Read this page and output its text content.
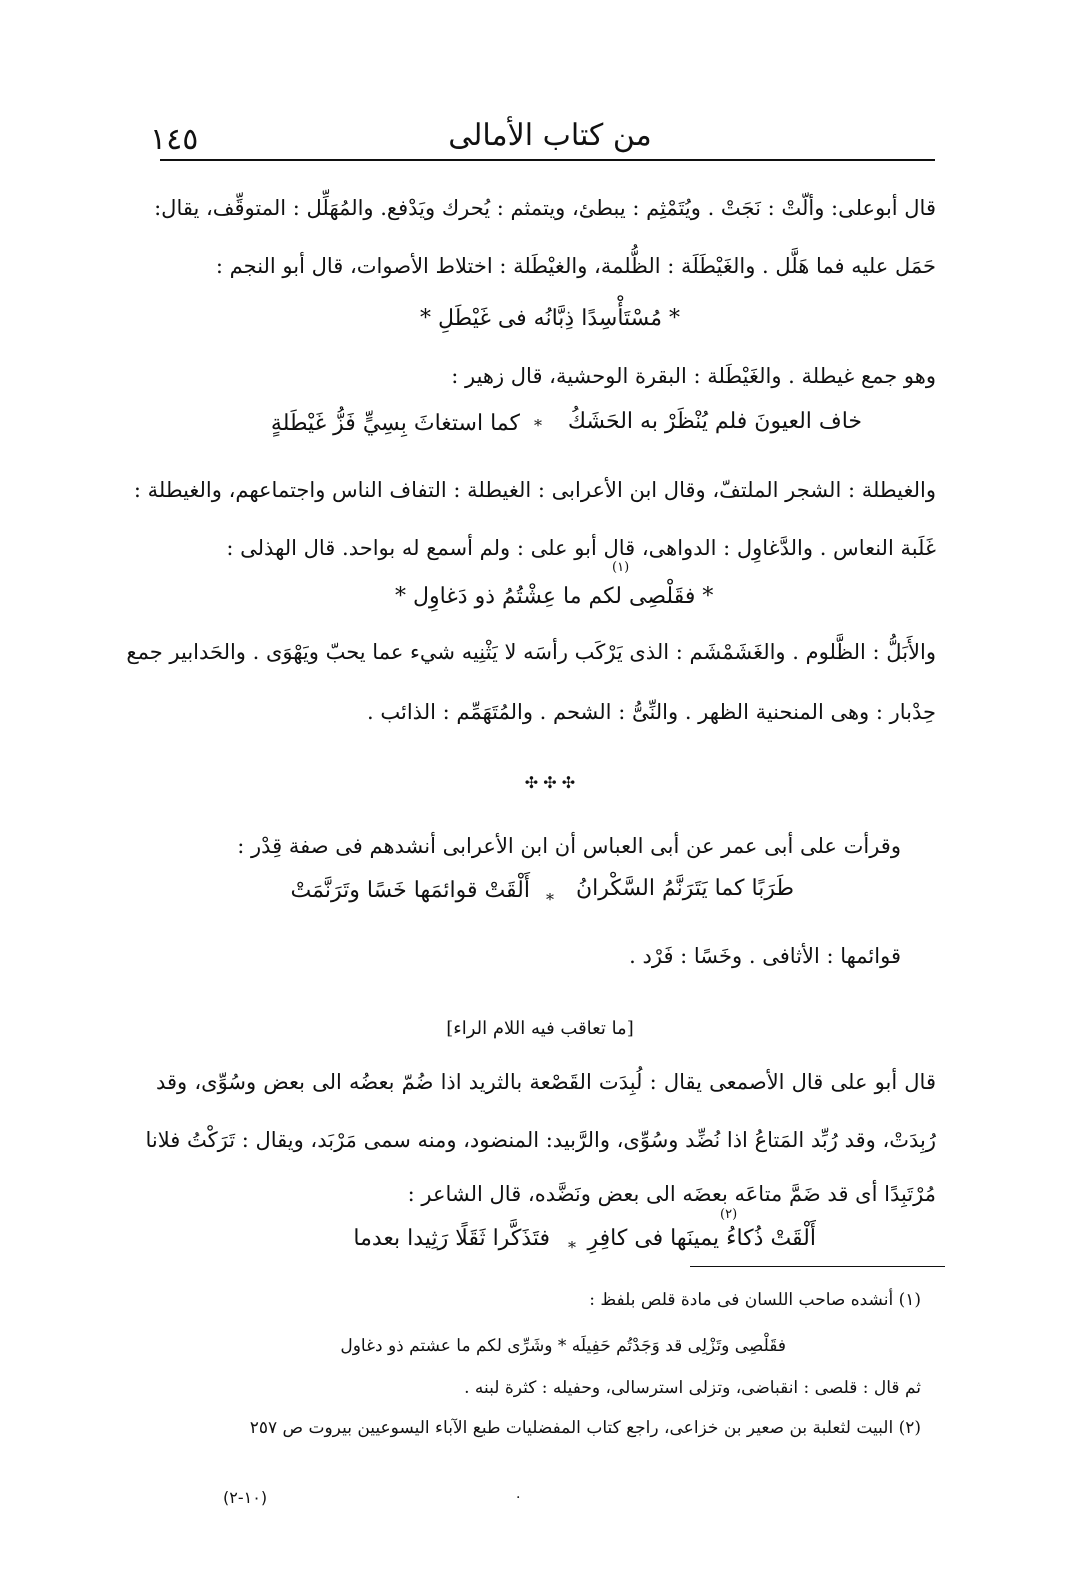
١٤٥	من كتاب الأمالى
قال أبوعلى: وألّتْ : نَجَتْ . ويُتَمْثِم : يبطئ، ويتمثم : يُحرك ويَدْفع. والمُهَلِّل : المتوقِّف، يقال:
حَمَل عليه فما هَلَّل . والغَيْطَلَة : الظُّلمة، والغيْطَلة : اختلاط الأصوات، قال أبو النجم :
* مُسْتَأْسِدًا ذِبَّانُه فى غَيْطَلِ *
وهو جمع غيطلة . والغَيْطَلة : البقرة الوحشية، قال زهير :
كما استغاثَ بِسِيٍّ فَزُّ غَيْطَلةٍ * خاف العيونَ فلم يُنْظَرْ به الحَشَكُ
والغيطلة : الشجر الملتفّ، وقال ابن الأعرابى : الغيطلة : التفاف الناس واجتماعهم، والغيطلة :
غَلَبة النعاس . والدَّغاوِل : الدواهى، قال أبو على : ولم أسمع له بواحد. قال الهذلى :
(١)
* فقَلْصِى لكم ما عِشْتُمُ ذو دَغاوِل *
والأَبَلُّ : الظَّلوم . والغَشَمْشَم : الذى يَرْكَب رأسَه لا يَثْنِيه شيء عما يحبّ ويَهْوَى . والحَدابير جمع
حِدْبار : وهى المنحنية الظهر . والنِّىُّ : الشحم . والمُتَهَمِّم : الذائب .
✣ ✣ ✣
وقرأت على أبى عمر عن أبى العباس أن ابن الأعرابى أنشدهم فى صفة قِدْر :
أَلْقَتْ قوائمَها خَسًا وتَرَنَّمَتْ * طَرَبًا كما يَتَرَنَّمُ السَّكْرانُ
قوائمها : الأثافى . وخَسًا : فَرْد .
[ما تعاقب فيه اللام الراء]
قال أبو على قال الأصمعى يقال : لُبِدَت القَصْعة بالثريد اذا ضُمّ بعضُه الى بعض وسُوِّى، وقد
رُبِدَتْ، وقد رُبِّد المَتاعُ اذا نُضِّد وسُوِّى، والرَّبيد: المنضود، ومنه سمى مَرْبَد، ويقال : تَرَكْتُ فلانا
مُرْتَبِدًا أى قد ضَمَّ متاعَه بعضَه الى بعض ونَضَّده، قال الشاعر :
(٢)
فتَذَكَّرا ثَقَلًا رَثِيدا بعدما * أَلْقَتْ ذُكاءُ يمينَها فى كافِرِ
(١) أنشده صاحب اللسان فى مادة قلص بلفظ :
فقَلْصِى وتَزْلِى قد وَجَدْتُم حَفِيلَه * وشَرِّى لكم ما عشتم ذو دغاول
ثم قال : قلصى : انقباضى، وتزلى استرسالى، وحفيله : كثرة لبنه .
(٢) البيت لثعلبة بن صعير بن خزاعى، راجع كتاب المفضليات طبع الآباء اليسوعيين بيروت ص ٢٥٧
(١٠-٢)	·
